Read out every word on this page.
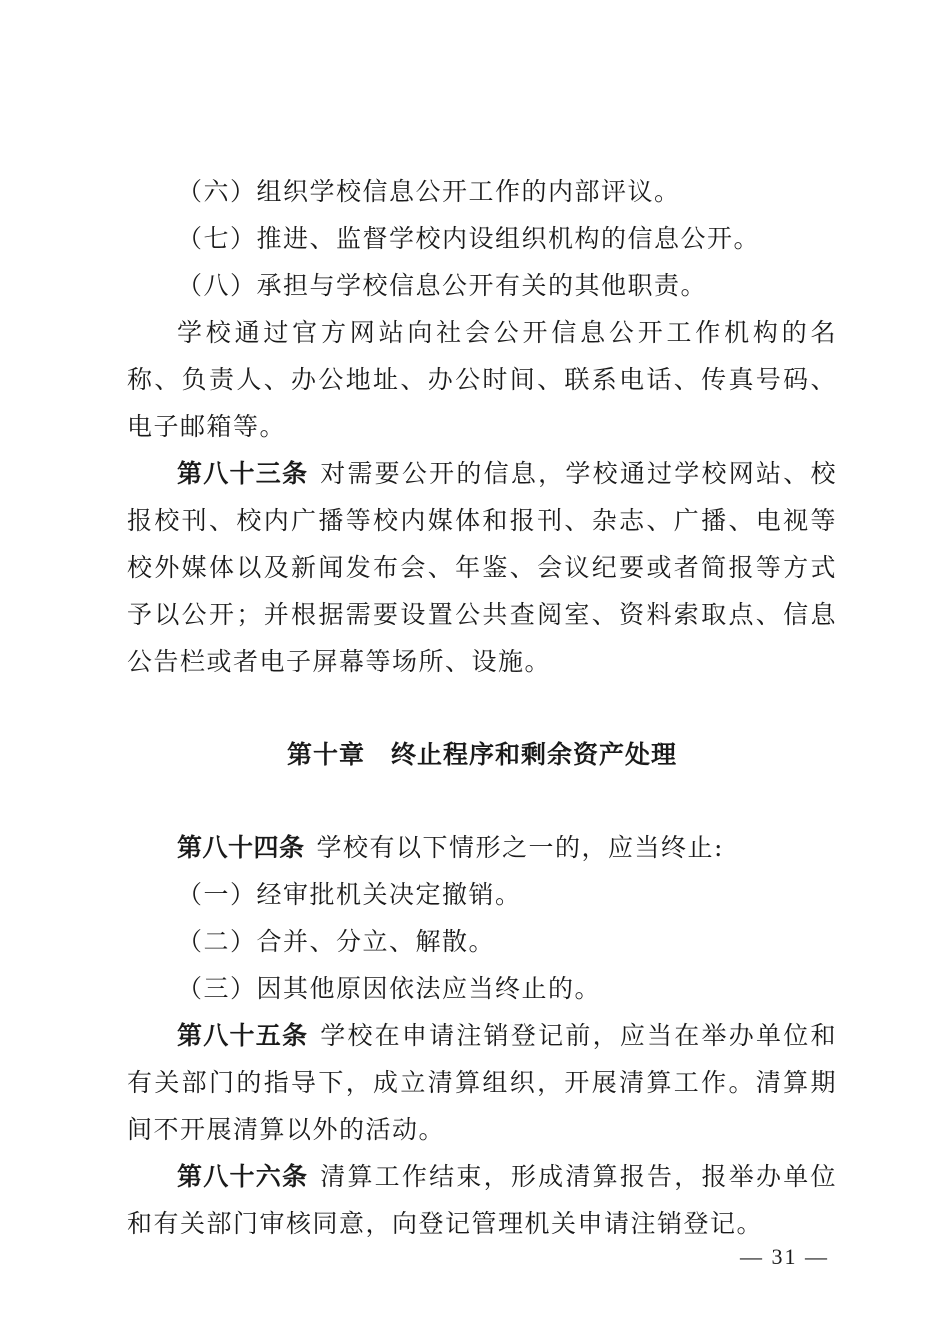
（六）组织学校信息公开工作的内部评议。

（七）推进、监督学校内设组织机构的信息公开。

（八）承担与学校信息公开有关的其他职责。

学校通过官方网站向社会公开信息公开工作机构的名称、负责人、办公地址、办公时间、联系电话、传真号码、电子邮箱等。

第八十三条 对需要公开的信息，学校通过学校网站、校报校刊、校内广播等校内媒体和报刊、杂志、广播、电视等校外媒体以及新闻发布会、年鉴、会议纪要或者简报等方式予以公开；并根据需要设置公共查阅室、资料索取点、信息公告栏或者电子屏幕等场所、设施。

第十章 终止程序和剩余资产处理

第八十四条 学校有以下情形之一的，应当终止:

（一）经审批机关决定撤销。

（二）合并、分立、解散。

（三）因其他原因依法应当终止的。

第八十五条 学校在申请注销登记前，应当在举办单位和有关部门的指导下，成立清算组织，开展清算工作。清算期间不开展清算以外的活动。

第八十六条 清算工作结束，形成清算报告，报举办单位和有关部门审核同意，向登记管理机关申请注销登记。

— 31 —
